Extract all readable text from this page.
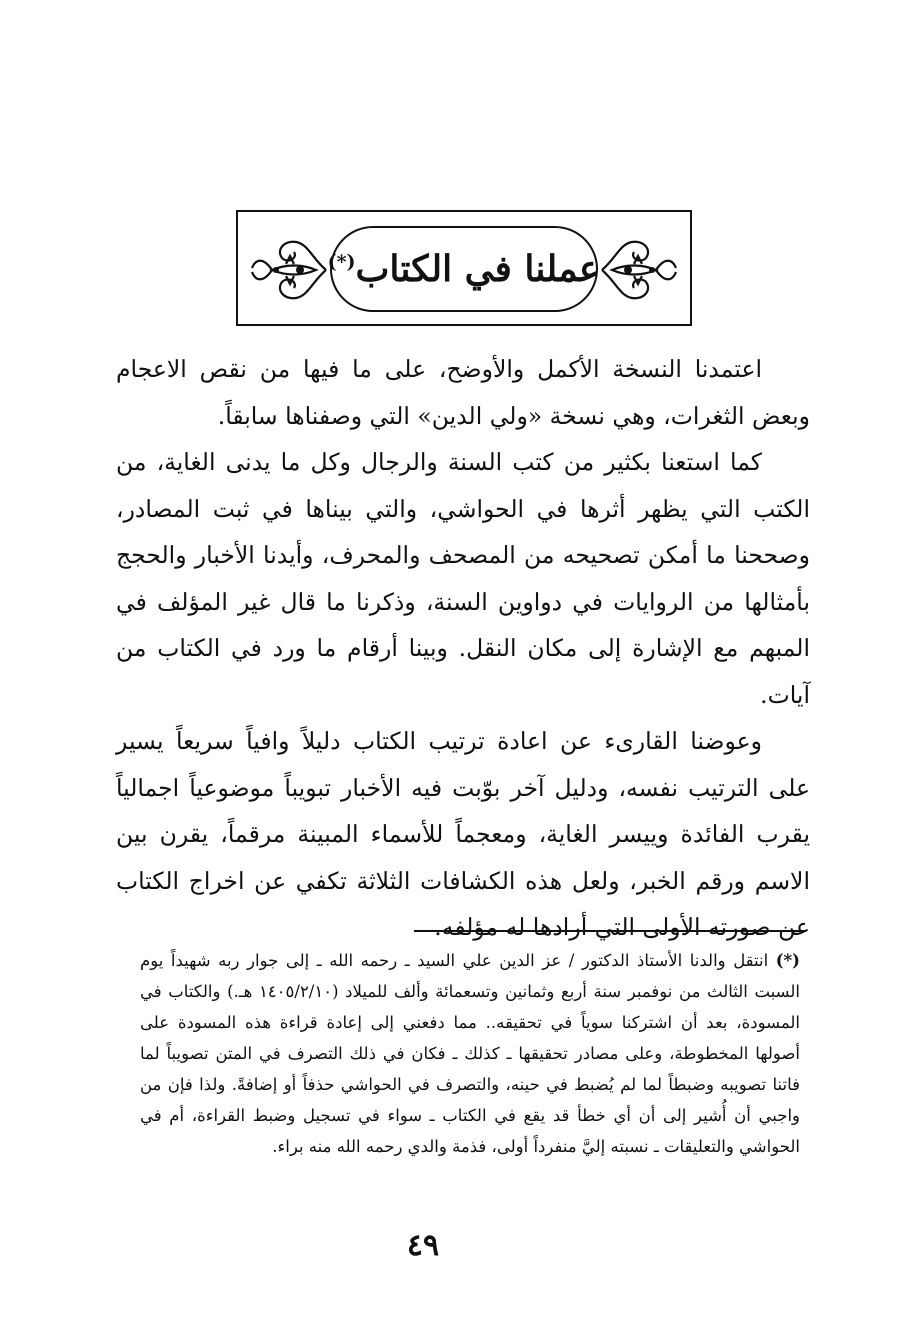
عملنا في الكتاب(*)

اعتمدنا النسخة الأكمل والأوضح، على ما فيها من نقص الاعجام وبعض الثغرات، وهي نسخة «ولي الدين» التي وصفناها سابقاً.

كما استعنا بكثير من كتب السنة والرجال وكل ما يدنى الغاية، من الكتب التي يظهر أثرها في الحواشي، والتي بيناها في ثبت المصادر، وصححنا ما أمكن تصحيحه من المصحف والمحرف، وأيدنا الأخبار والحجج بأمثالها من الروايات في دواوين السنة، وذكرنا ما قال غير المؤلف في المبهم مع الإشارة إلى مكان النقل. وبينا أرقام ما ورد في الكتاب من آيات.

وعوضنا القارىء عن اعادة ترتيب الكتاب دليلاً وافياً سريعاً يسير على الترتيب نفسه، ودليل آخر بوّبت فيه الأخبار تبويباً موضوعياً اجمالياً يقرب الفائدة وييسر الغاية، ومعجماً للأسماء المبينة مرقماً، يقرن بين الاسم ورقم الخبر، ولعل هذه الكشافات الثلاثة تكفي عن اخراج الكتاب عن صورته الأولى التي أرادها له مؤلفه.

(*) انتقل والدنا الأستاذ الدكتور / عز الدين علي السيد ـ رحمه الله ـ إلى جوار ربه شهيداً يوم السبت الثالث من نوفمبر سنة أربع وثمانين وتسعمائة وألف للميلاد (١٤٠٥/٢/١٠ هـ.) والكتاب في المسودة، بعد أن اشتركنا سوياً في تحقيقه.. مما دفعني إلى إعادة قراءة هذه المسودة على أصولها المخطوطة، وعلى مصادر تحقيقها ـ كذلك ـ فكان في ذلك التصرف في المتن تصويباً لما فاتنا تصويبه وضبطاً لما لم يُضبط في حينه، والتصرف في الحواشي حذفاً أو إضافةً. ولذا فإن من واجبي أن أُشير إلى أن أي خطأ قد يقع في الكتاب ـ سواء في تسجيل وضبط القراءة، أم في الحواشي والتعليقات ـ نسبته إليَّ منفرداً أولى، فذمة والدي رحمه الله منه براء.
٤٩
